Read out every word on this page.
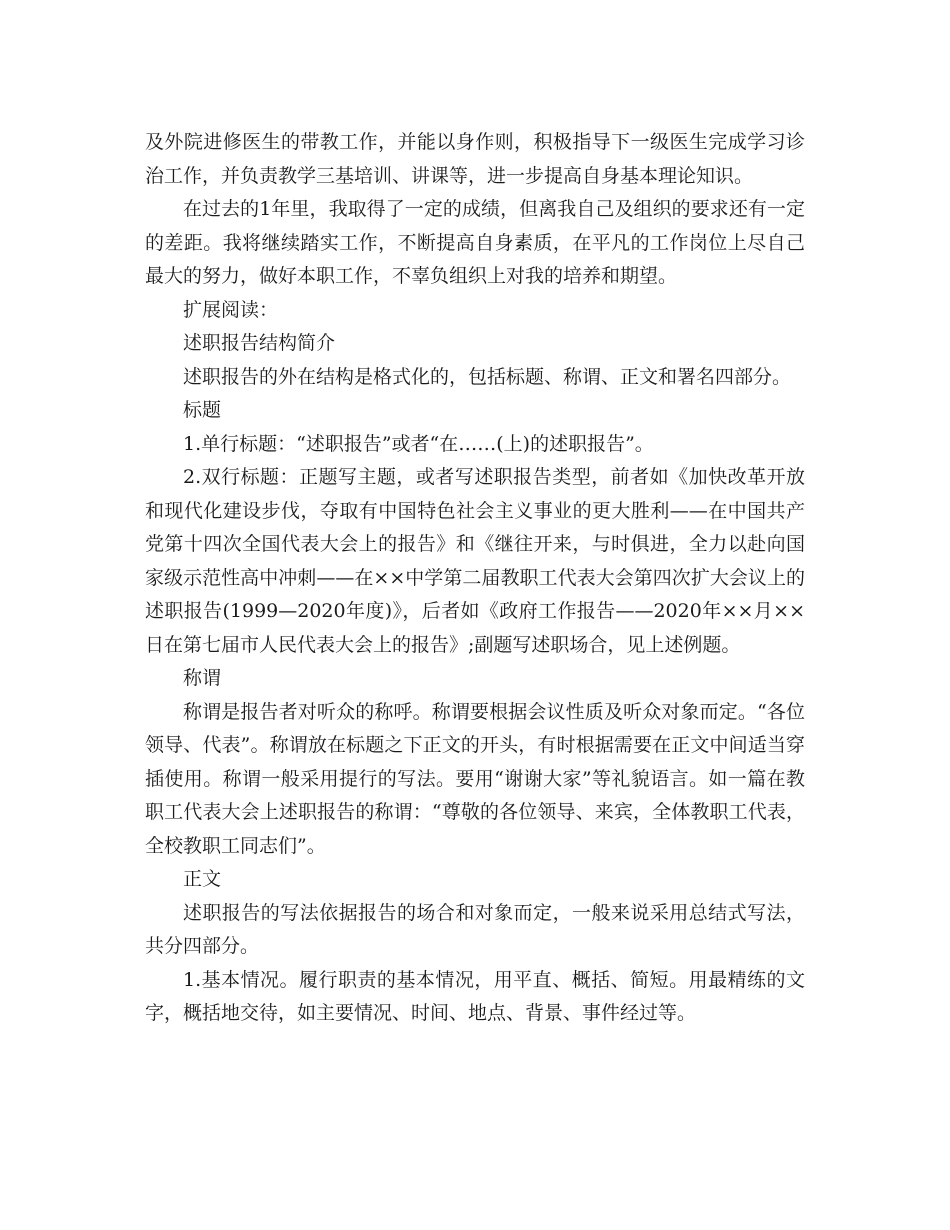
及外院进修医生的带教工作，并能以身作则，积极指导下一级医生完成学习诊治工作，并负责教学三基培训、讲课等，进一步提高自身基本理论知识。

在过去的1年里，我取得了一定的成绩，但离我自己及组织的要求还有一定的差距。我将继续踏实工作，不断提高自身素质，在平凡的工作岗位上尽自己最大的努力，做好本职工作，不辜负组织上对我的培养和期望。

扩展阅读：

述职报告结构简介

述职报告的外在结构是格式化的，包括标题、称谓、正文和署名四部分。

标题

1.单行标题：“述职报告”或者“在……(上)的述职报告”。

2.双行标题：正题写主题，或者写述职报告类型，前者如《加快改革开放和现代化建设步伐，夺取有中国特色社会主义事业的更大胜利——在中国共产党第十四次全国代表大会上的报告》和《继往开来，与时俱进，全力以赴向国家级示范性高中冲刺——在××中学第二届教职工代表大会第四次扩大会议上的述职报告(1999—2020年度)》，后者如《政府工作报告——2020年××月××日在第七届市人民代表大会上的报告》;副题写述职场合，见上述例题。

称谓

称谓是报告者对听众的称呼。称谓要根据会议性质及听众对象而定。“各位领导、代表”。称谓放在标题之下正文的开头，有时根据需要在正文中间适当穿插使用。称谓一般采用提行的写法。要用“谢谢大家”等礼貌语言。如一篇在教职工代表大会上述职报告的称谓：“尊敬的各位领导、来宾，全体教职工代表，全校教职工同志们”。

正文

述职报告的写法依据报告的场合和对象而定，一般来说采用总结式写法，共分四部分。

1.基本情况。履行职责的基本情况，用平直、概括、简短。用最精练的文字，概括地交待，如主要情况、时间、地点、背景、事件经过等。
